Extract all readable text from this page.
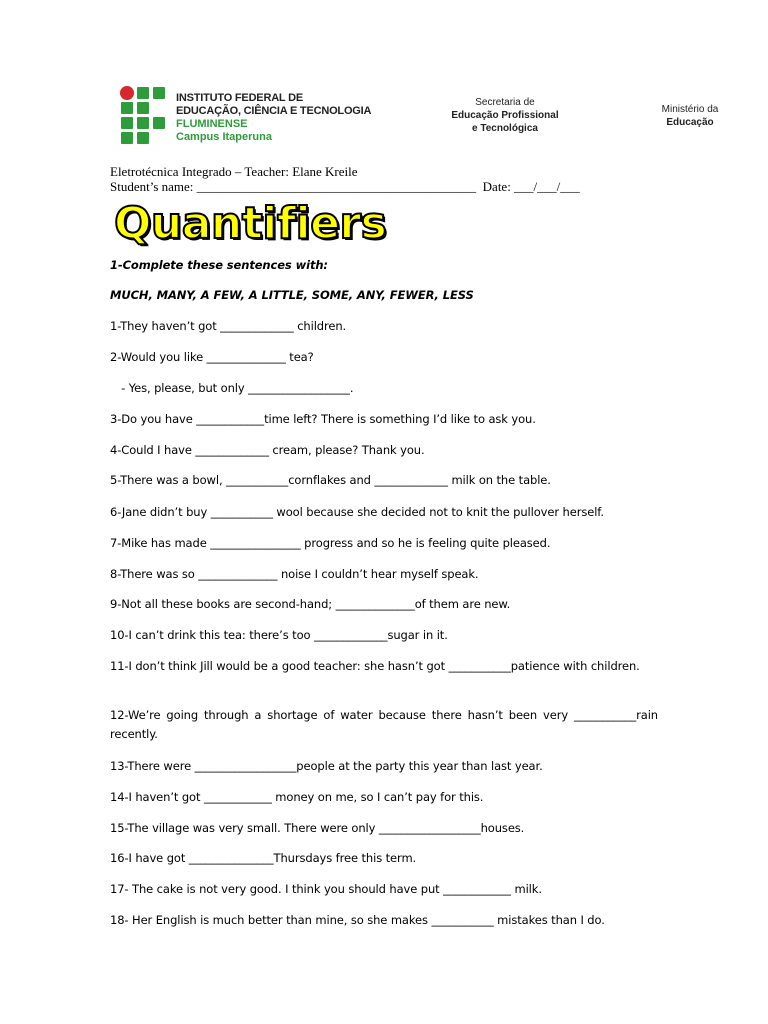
INSTITUTO FEDERAL DE
EDUCAÇÃO, CIÊNCIA E TECNOLOGIA
FLUMINENSE
Campus Itaperuna
Secretaria de
Educação Profissional
e Tecnológica
Ministério da
Educação
Eletrotécnica Integrado – Teacher: Elane Kreile
Student’s name: ___________________________________________  Date: ___/___/___
Quantifiers
1-Complete these sentences with:
MUCH, MANY, A FEW, A LITTLE, SOME, ANY, FEWER, LESS
1-They haven’t got _____________ children.
2-Would you like ______________ tea?
- Yes, please, but only __________________.
3-Do you have ____________time left? There is something I’d like to ask you.
4-Could I have _____________ cream, please? Thank you.
5-There was a bowl, ___________cornflakes and _____________ milk on the table.
6-Jane didn’t buy ___________ wool because she decided not to knit the pullover herself.
7-Mike has made ________________ progress and so he is feeling quite pleased.
8-There was so ______________ noise I couldn’t hear myself speak.
9-Not all these books are second-hand; ______________of them are new.
10-I can’t drink this tea: there’s too _____________sugar in it.
11-I don’t think Jill would be a good teacher: she hasn’t got ___________patience with children.
12-We’re going through a shortage of water because there hasn’t been very ___________rain recently.
13-There were __________________people at the party this year than last year.
14-I haven’t got ____________ money on me, so I can’t pay for this.
15-The village was very small. There were only __________________houses.
16-I have got _______________Thursdays free this term.
17- The cake is not very good. I think you should have put ____________ milk.
18- Her English is much better than mine, so she makes ___________ mistakes than I do.
